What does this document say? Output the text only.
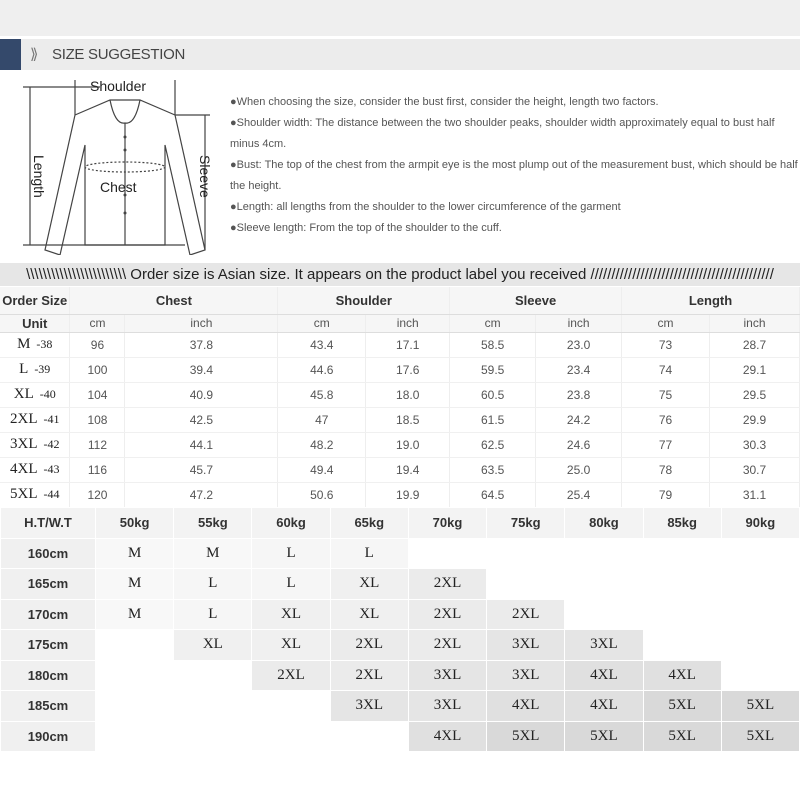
⟫ SIZE SUGGESTION
Shoulder
Chest
Length	Sleeve
●When choosing the size, consider the bust first, consider the height, length two factors.
●Shoulder width: The distance between the two shoulder peaks, shoulder width approximately equal to bust half minus 4cm.
●Bust: The top of the chest from the armpit eye is the most plump out of the measurement bust, which should be half the height.
●Length: all lengths from the shoulder to the lower circumference of the garment
●Sleeve length: From the top of the shoulder to the cuff.
\\\\\\\\\\\\\\\\\\\\\\\\ Order size is Asian size. It appears on the product label you received ////////////////////////////////////////////
Order Size	Chest		Shoulder		Sleeve		Length	
Unit	cm	inch	cm	inch	cm	inch	cm	inch
M -38	96	37.8	43.4	17.1	58.5	23.0	73	28.7
L -39	100	39.4	44.6	17.6	59.5	23.4	74	29.1
XL -40	104	40.9	45.8	18.0	60.5	23.8	75	29.5
2XL -41	108	42.5	47	18.5	61.5	24.2	76	29.9
3XL -42	112	44.1	48.2	19.0	62.5	24.6	77	30.3
4XL -43	116	45.7	49.4	19.4	63.5	25.0	78	30.7
5XL -44	120	47.2	50.6	19.9	64.5	25.4	79	31.1
H.T/W.T	50kg	55kg	60kg	65kg	70kg	75kg	80kg	85kg	90kg
160cm	M	M	L	L					
165cm	M	L	L	XL	2XL				
170cm	M	L	XL	XL	2XL	2XL			
175cm		XL	XL	2XL	2XL	3XL	3XL		
180cm			2XL	2XL	3XL	3XL	4XL	4XL	
185cm				3XL	3XL	4XL	4XL	5XL	5XL
190cm					4XL	5XL	5XL	5XL	5XL
